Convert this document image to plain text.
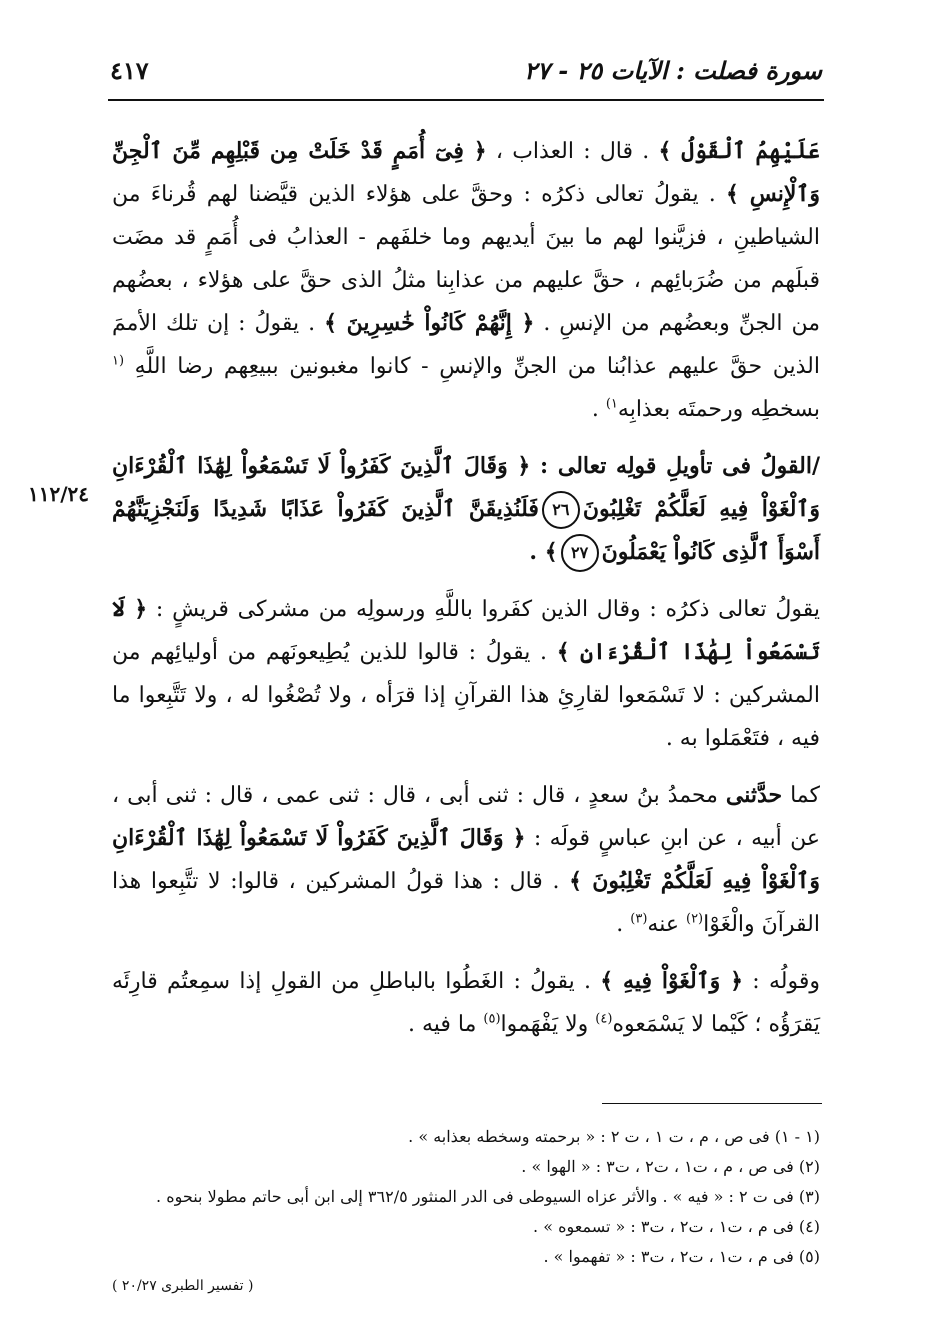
سورة فصلت : الآيات ٢٥ - ٢٧
٤١٧
١١٢/٢٤

عَلَيْهِمُ ٱلْقَوْلُ ﴾ . قال : العذاب ، ﴿ فِىٓ أُمَمٍ قَدْ خَلَتْ مِن قَبْلِهِم مِّنَ ٱلْجِنِّ وَٱلْإِنسِ ﴾ . يقولُ تعالى ذكرُه : وحقَّ على هؤلاء الذين قيَّضنا لهم قُرناءَ من الشياطينِ ، فزيَّنوا لهم ما بينَ أيديهم وما خلفَهم - العذابُ فى أُمَمٍ قد مضَت قبلَهم من ضُرَبائِهم ، حقَّ عليهم من عذابِنا مثلُ الذى حقَّ على هؤلاء ، بعضُهم من الجنِّ وبعضُهم من الإنسِ . ﴿ إِنَّهُمْ كَانُواْ خَٰسِرِينَ ﴾ . يقولُ : إن تلك الأممَ الذين حقَّ عليهم عذابُنا من الجنِّ والإنسِ - كانوا مغبونين ببيعِهم رضا اللَّهِ $^{(١}$ بسخطِه ورحمتَه بعذابِه$^{١)}$ .

/القولُ فى تأويلِ قولِه تعالى : ﴿ وَقَالَ ٱلَّذِينَ كَفَرُواْ لَا تَسْمَعُواْ لِهَٰذَا ٱلْقُرْءَانِ وَٱلْغَوْاْ فِيهِ لَعَلَّكُمْ تَغْلِبُونَ٢٦فَلَنُذِيقَنَّ ٱلَّذِينَ كَفَرُواْ عَذَابًا شَدِيدًا وَلَنَجْزِيَنَّهُمْ أَسْوَأَ ٱلَّذِى كَانُواْ يَعْمَلُونَ٢٧﴾ .

يقولُ تعالى ذكرُه : وقال الذين كفَروا باللَّهِ ورسولِه من مشركى قريشٍ : ﴿ لَا تَسْمَعُواْ لِهَٰذَا ٱلْقُرْءَانِ ﴾ . يقولُ : قالوا للذين يُطِيعونَهم من أوليائِهم من المشركين : لا تَسْمَعوا لقارِئِ هذا القرآنِ إذا قرَأه ، ولا تُصْغُوا له ، ولا تَتَّبِعوا ما فيه ، فتَعْمَلوا به .

كما حدَّثنى محمدُ بنُ سعدٍ ، قال : ثنى أبى ، قال : ثنى عمى ، قال : ثنى أبى ، عن أبيه ، عن ابنِ عباسٍ قولَه : ﴿ وَقَالَ ٱلَّذِينَ كَفَرُواْ لَا تَسْمَعُواْ لِهَٰذَا ٱلْقُرْءَانِ وَٱلْغَوْاْ فِيهِ لَعَلَّكُمْ تَغْلِبُونَ ﴾ . قال : هذا قولُ المشركين ، قالوا: لا تتَّبِعوا هذا القرآنَ والْغَوْا$^{(٢)}$ عنه$^{(٣)}$ .

وقولُه : ﴿ وَٱلْغَوْاْ فِيهِ ﴾ . يقولُ : الغَطُوا بالباطلِ من القولِ إذا سمِعتُم قارِئَه يَقرَؤُه ؛ كَيْما لا يَسْمَعوه$^{(٤)}$ ولا يَفْهَموا$^{(٥)}$ ما فيه .

(١ - ١) فى ص ، م ، ت ١ ، ت ٢ : « برحمته وسخطه بعذابه » .
(٢) فى ص ، م ، ت١ ، ت٢ ، ت٣ : « الهوا » .
(٣) فى ت ٢ : « فيه » . والأثر عزاه السيوطى فى الدر المنثور ٣٦٢/٥ إلى ابن أبى حاتم مطولا بنحوه .
(٤) فى م ، ت١ ، ت٢ ، ت٣ : « تسمعوه » .
(٥) فى م ، ت١ ، ت٢ ، ت٣ : « تفهموا » .
( تفسير الطبرى ٢٠/٢٧ )
